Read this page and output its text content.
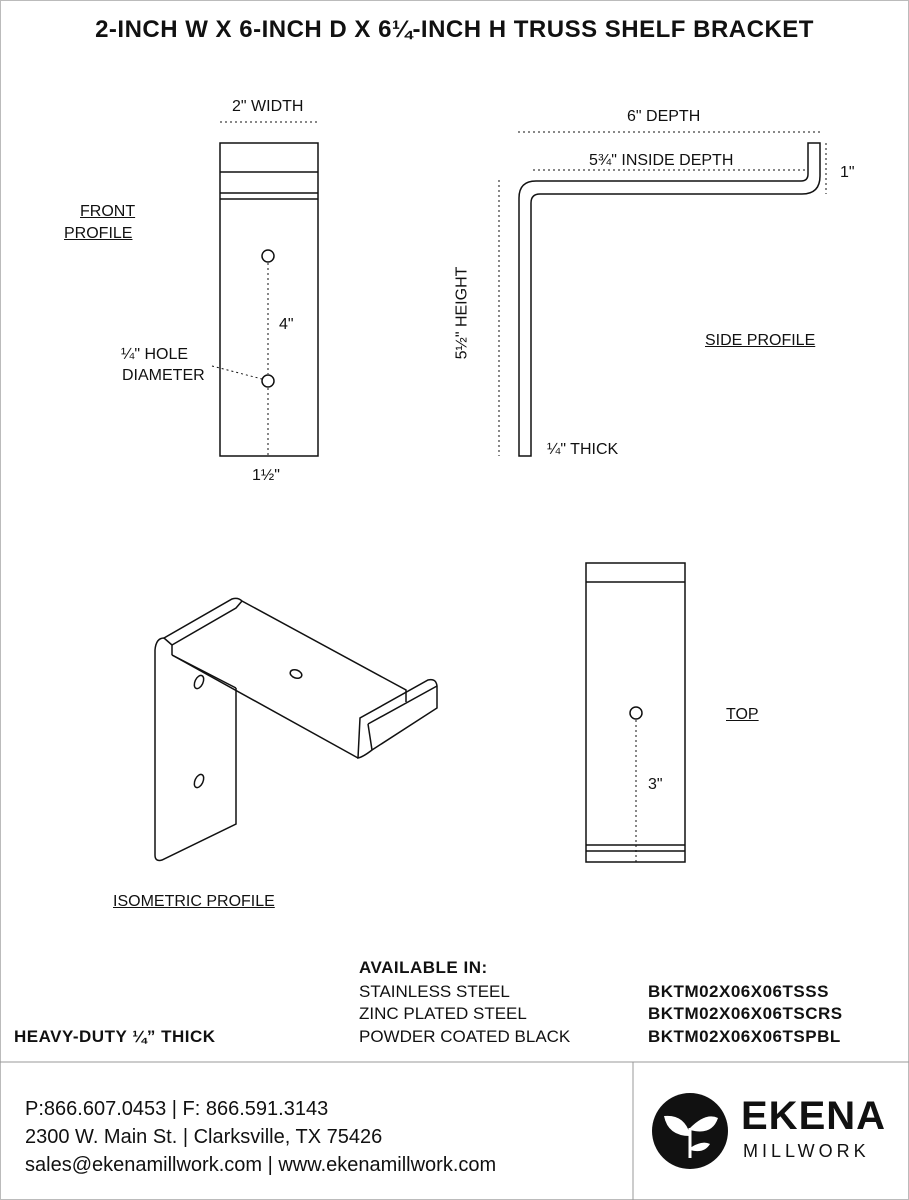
2-INCH W X 6-INCH D X 6¼-INCH H TRUSS SHELF BRACKET
FRONT
PROFILE
2" WIDTH
4"
¼" HOLE
DIAMETER
1½"
6" DEPTH
5¾" INSIDE DEPTH
1"
5½" HEIGHT	SIDE PROFILE
¼" THICK
ISOMETRIC PROFILE
TOP
3"
AVAILABLE IN:
STAINLESS STEEL
ZINC PLATED STEEL
POWDER COATED BLACK
BKTM02X06X06TSSS
BKTM02X06X06TSCRS
BKTM02X06X06TSPBL
HEAVY-DUTY ¼” THICK
P:866.607.0453 | F: 866.591.3143
2300 W. Main St. | Clarksville, TX 75426
sales@ekenamillwork.com | www.ekenamillwork.com
EKENA
MILLWORK
